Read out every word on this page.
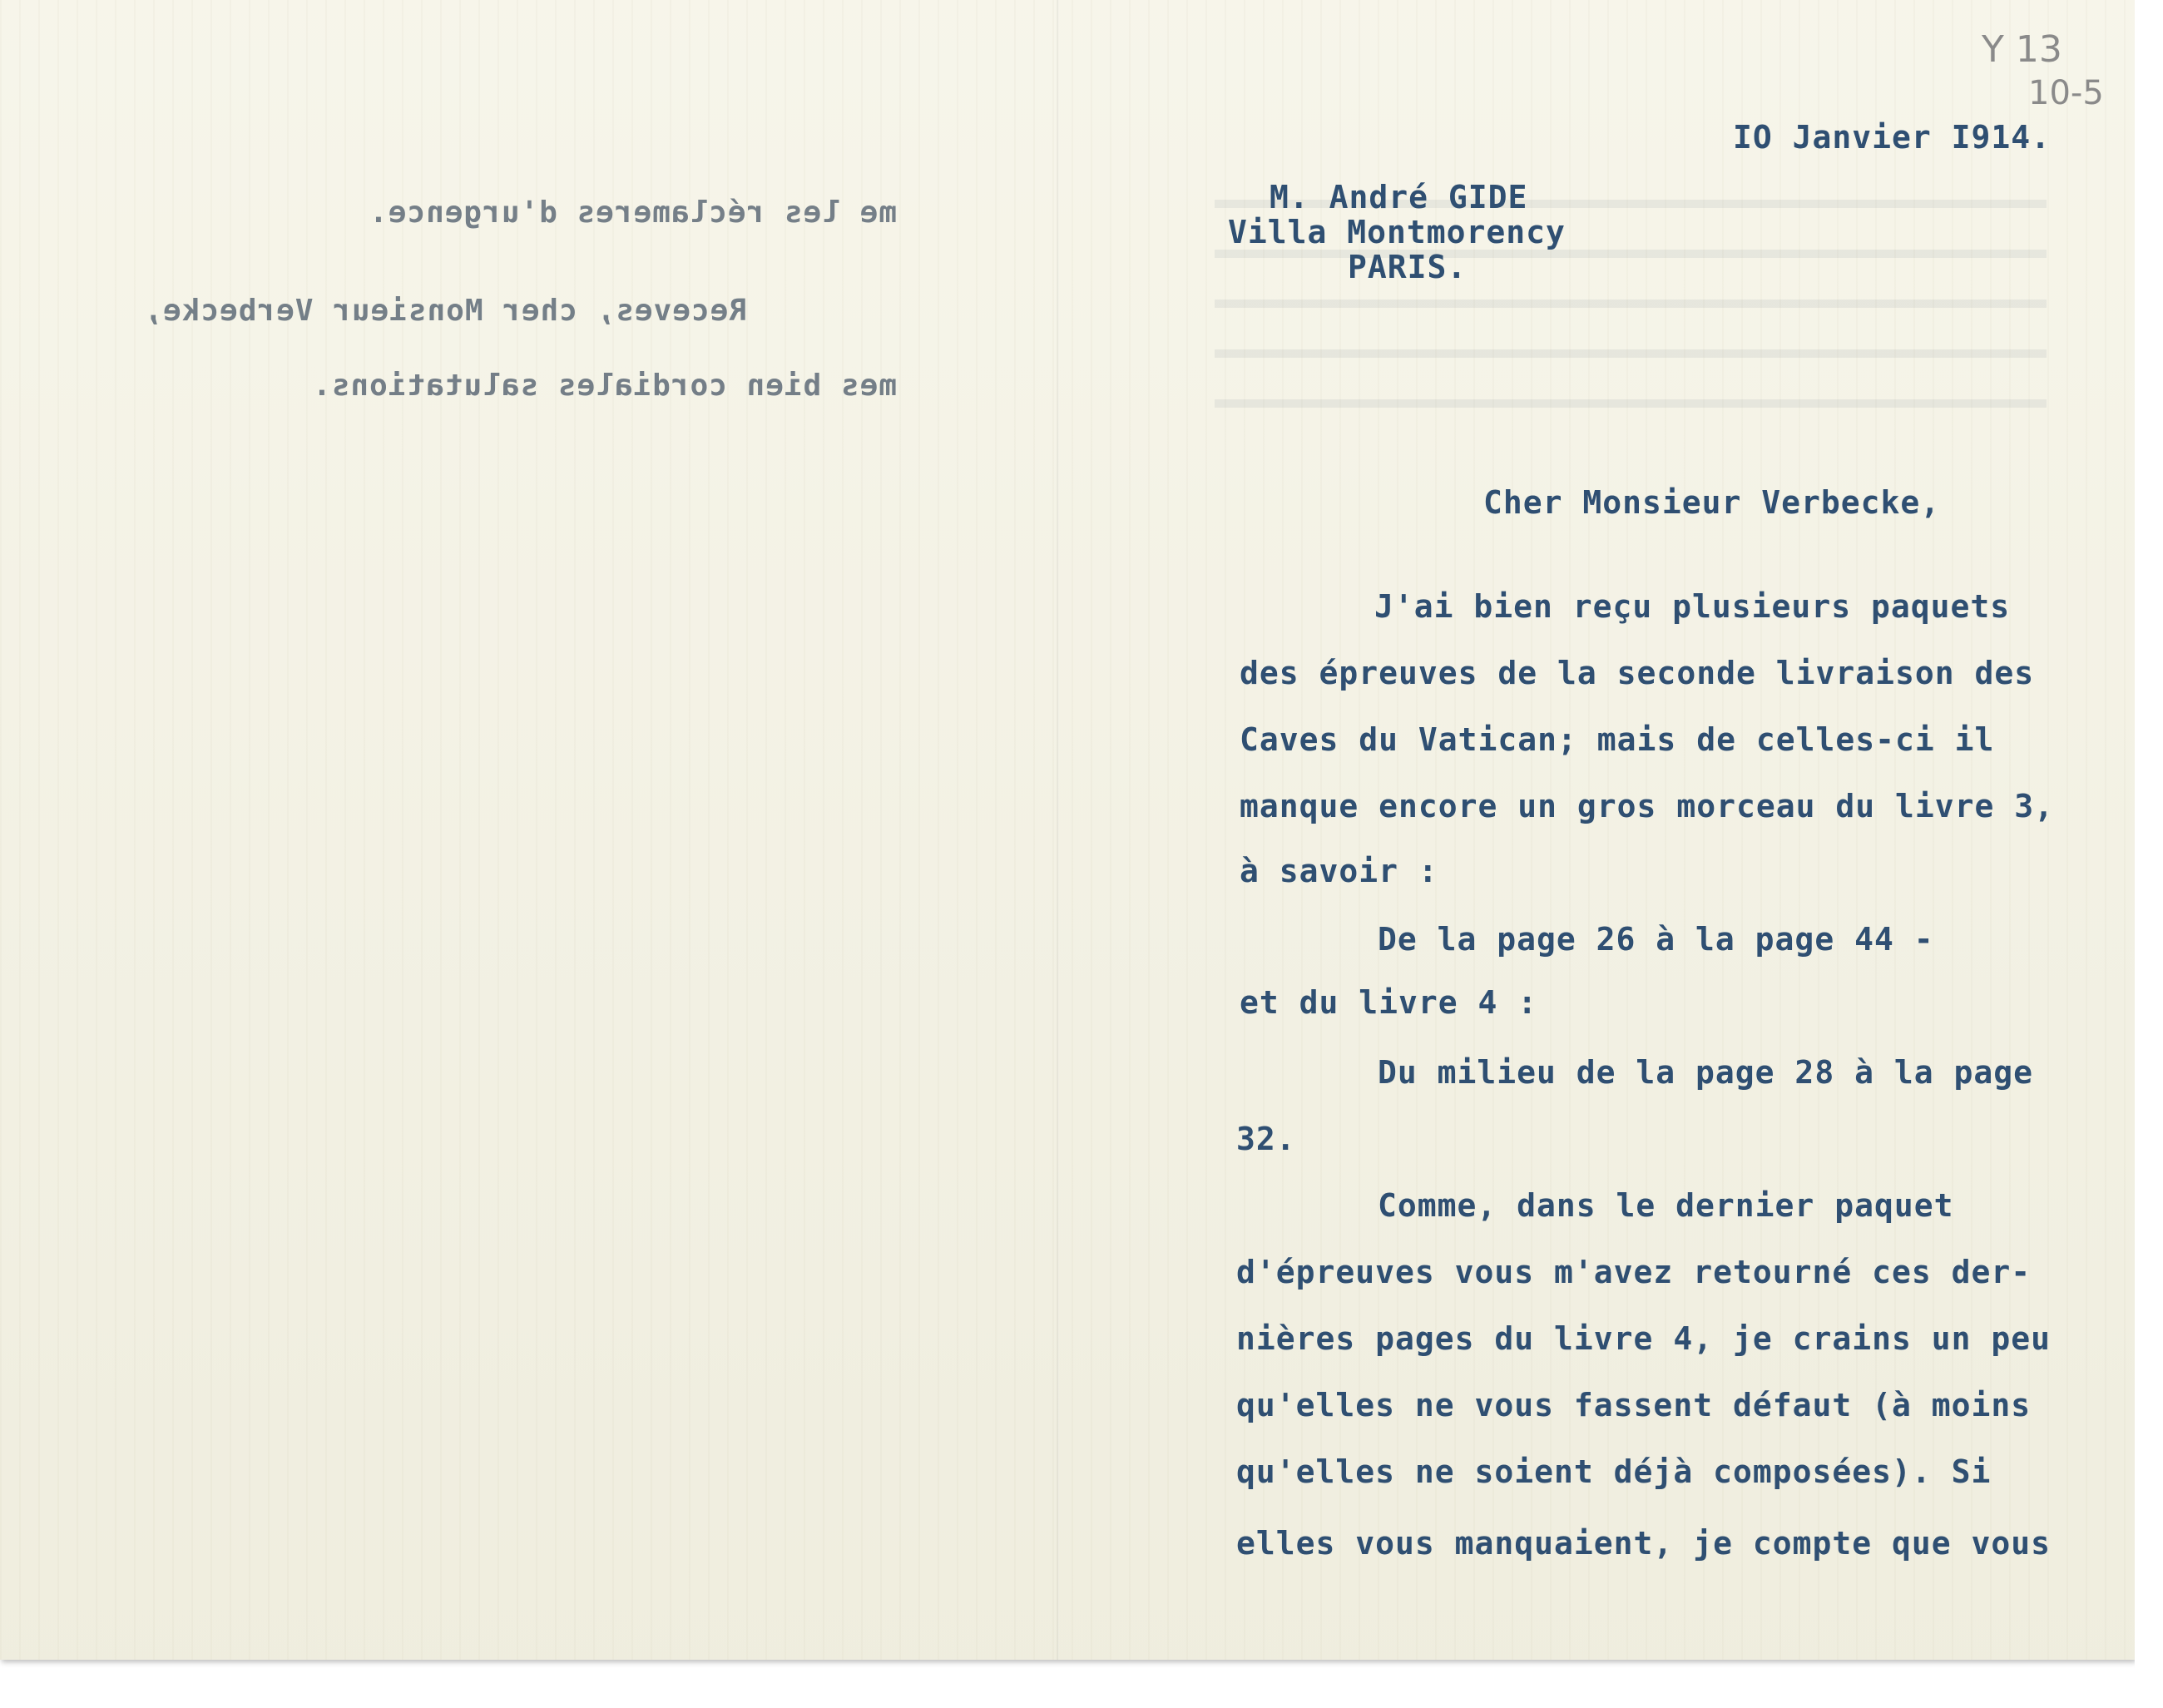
Y 13
10-5
me les réclameres d'urgence.
Receves, cher Monsieur Verbecke,
mes bien cordiales salutations.
IO Janvier I914.
M. André GIDE
Villa Montmorency
PARIS.
Cher Monsieur Verbecke,
J'ai bien reçu plusieurs paquets
des épreuves de la seconde livraison des
Caves du Vatican; mais de celles-ci il
manque encore un gros morceau du livre 3,
à savoir :
De la page 26 à la page 44 -
et du livre 4 :
Du milieu de la page 28 à la page
32.
Comme, dans le dernier paquet
d'épreuves vous m'avez retourné ces der-
nières pages du livre 4, je crains un peu
qu'elles ne vous fassent défaut (à moins
qu'elles ne soient déjà composées). Si
elles vous manquaient, je compte que vous
